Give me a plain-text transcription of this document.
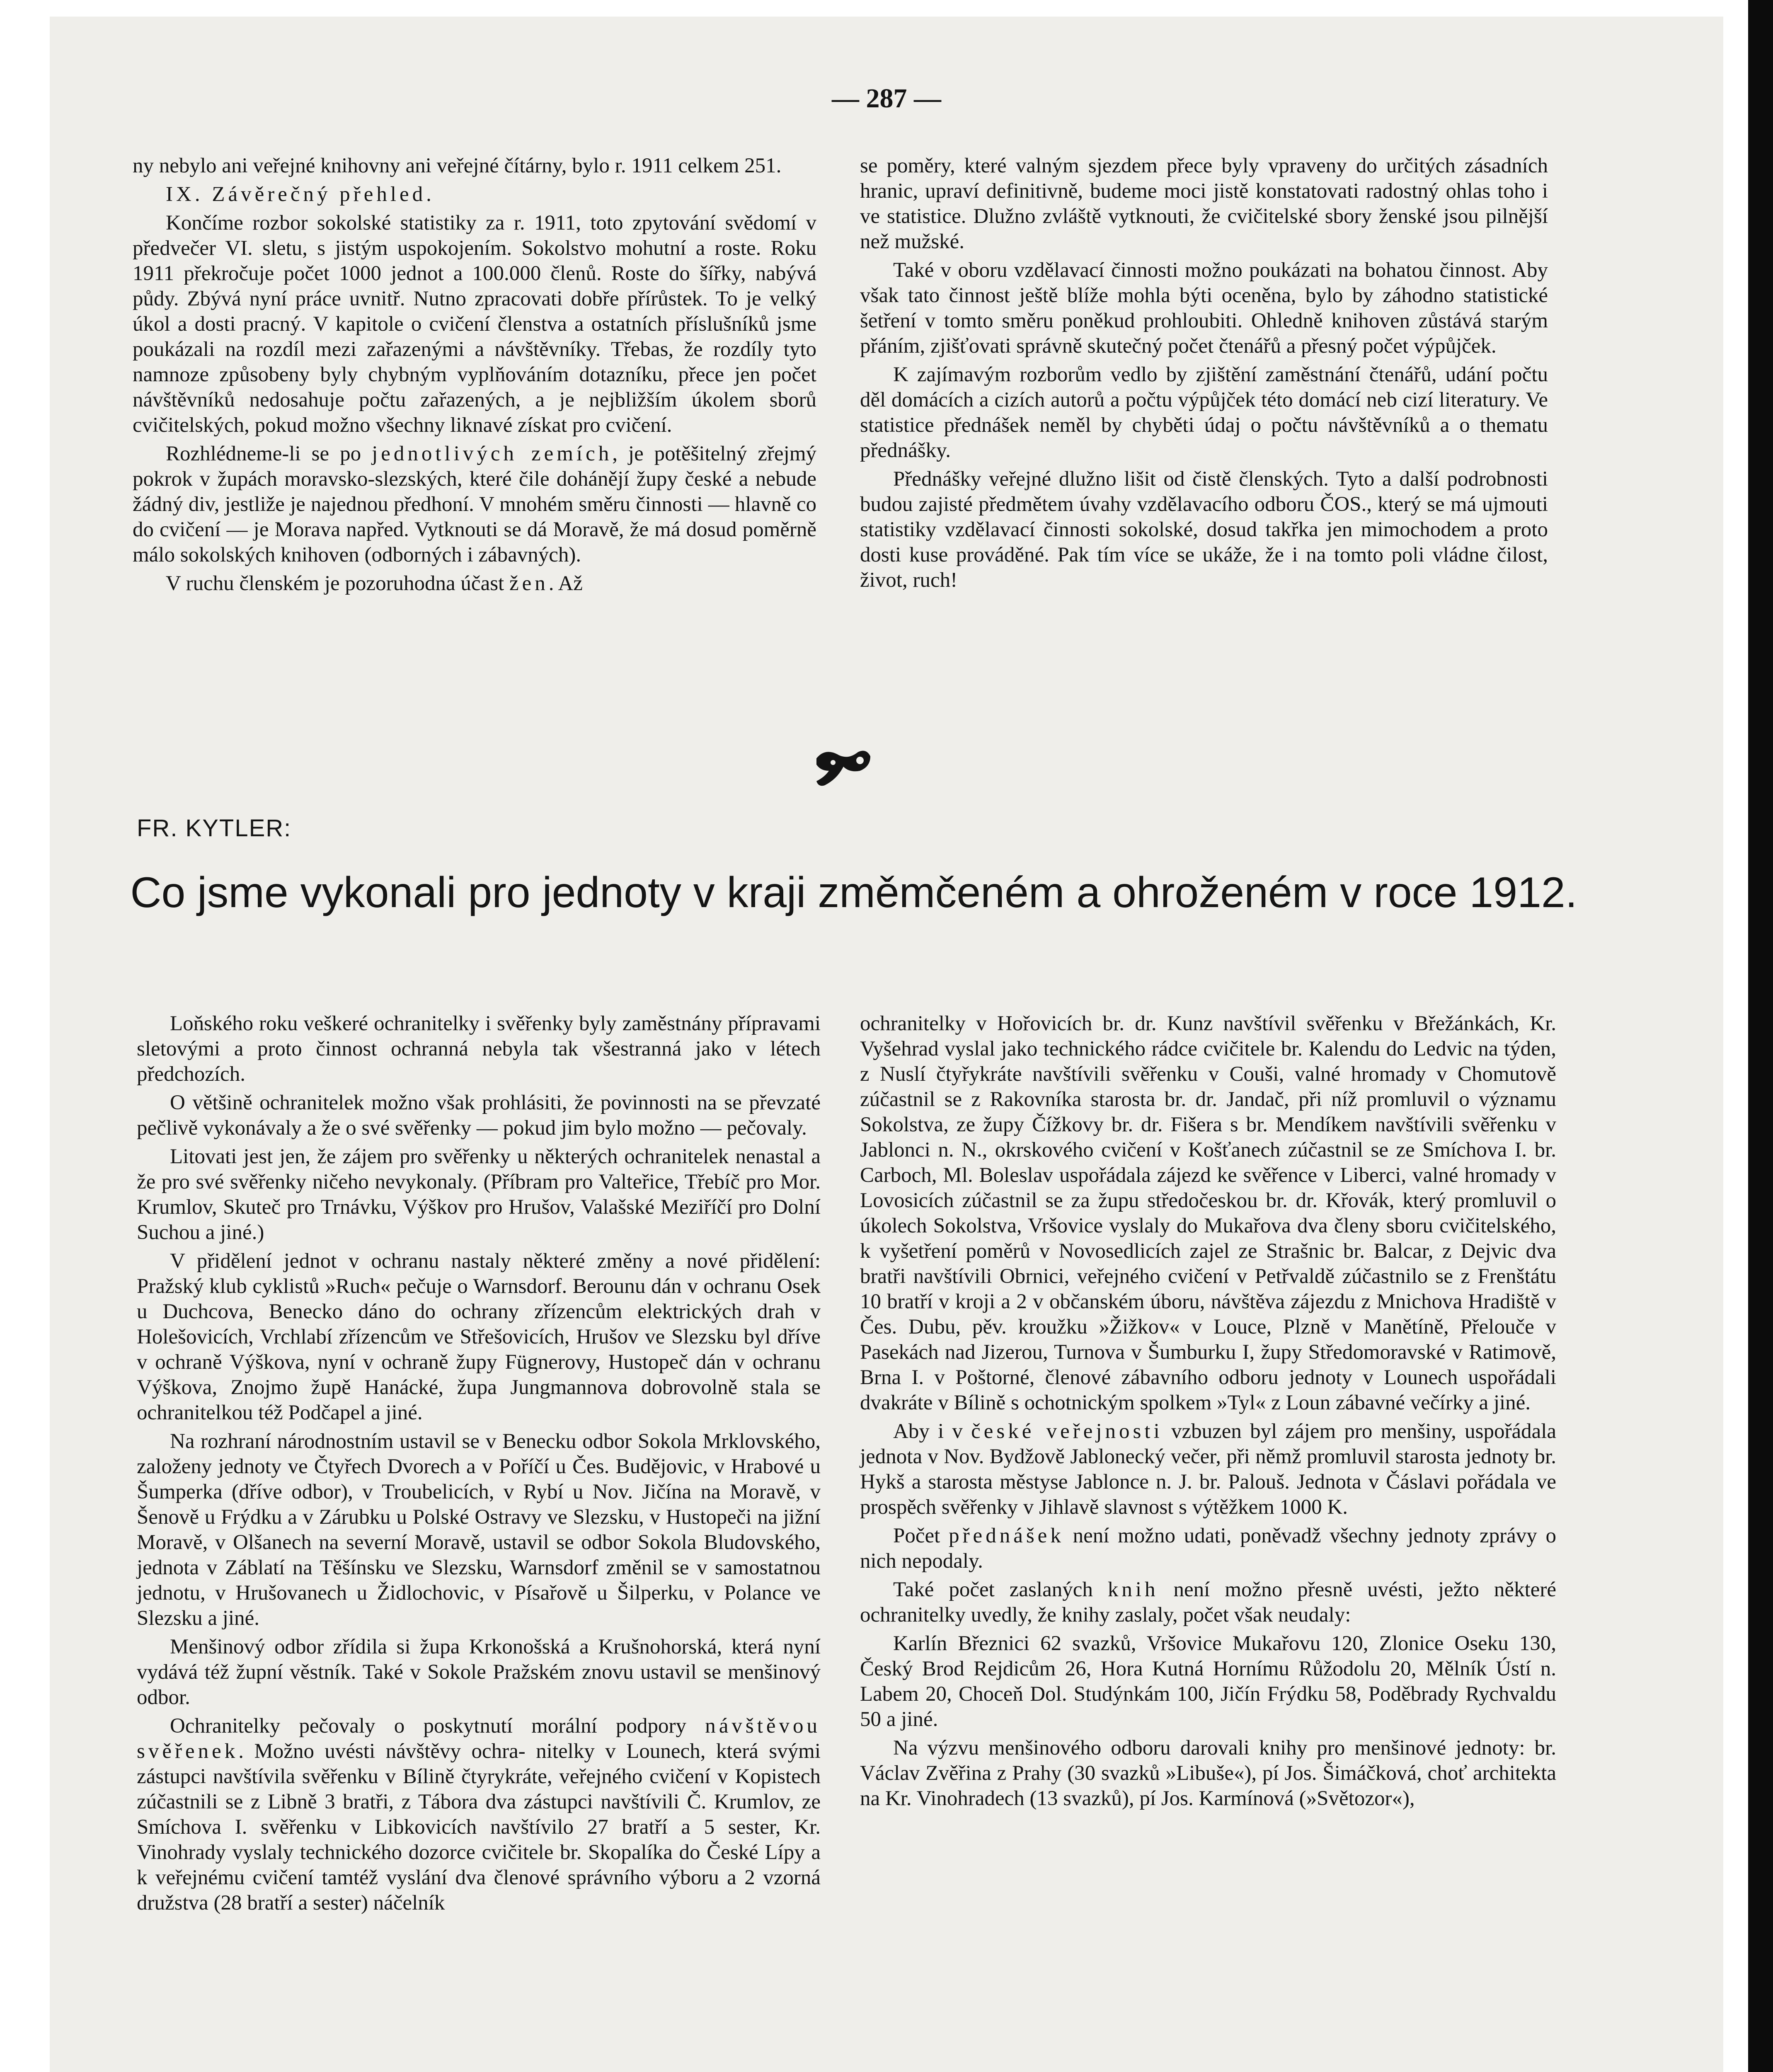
— 287 —

ny nebylo ani veřejné knihovny ani veřejné čítárny, bylo r. 1911 celkem 251.

IX. Závěrečný přehled.

Končíme rozbor sokolské statistiky za r. 1911, toto zpytování svědomí v předvečer VI. sletu, s jistým uspokojením. Sokolstvo mohutní a roste. Roku 1911 překročuje počet 1000 jednot a 100.000 členů. Roste do šířky, nabývá půdy. Zbývá nyní práce uvnitř. Nutno zpracovati dobře přírůstek. To je velký úkol a dosti pracný. V kapitole o cvičení členstva a ostatních příslušníků jsme poukázali na rozdíl mezi zařazenými a návštěvníky. Třebas, že rozdíly tyto namnoze způsobeny byly chybným vyplňováním dotazníku, přece jen počet návštěvníků nedosahuje počtu zařazených, a je nejbližším úkolem sborů cvičitelských, pokud možno všechny liknavé získat pro cvičení.

Rozhlédneme-li se po jednotlivých zemích, je potěšitelný zřejmý pokrok v župách moravsko-slezských, které čile dohánějí župy české a nebude žádný div, jestliže je najednou předhoní. V mnohém směru činnosti — hlavně co do cvičení — je Morava napřed. Vytknouti se dá Moravě, že má dosud poměrně málo sokolských knihoven (odborných i zábavných).

V ruchu členském je pozoruhodna účast žen. Až

se poměry, které valným sjezdem přece byly vpraveny do určitých zásadních hranic, upraví definitivně, budeme moci jistě konstatovati radostný ohlas toho i ve statistice. Dlužno zvláště vytknouti, že cvičitelské sbory ženské jsou pilnější než mužské.

Také v oboru vzdělavací činnosti možno poukázati na bohatou činnost. Aby však tato činnost ještě blíže mohla býti oceněna, bylo by záhodno statistické šetření v tomto směru poněkud prohloubiti. Ohledně knihoven zůstává starým přáním, zjišťovati správně skutečný počet čtenářů a přesný počet výpůjček.

K zajímavým rozborům vedlo by zjištění zaměstnání čtenářů, udání počtu děl domácích a cizích autorů a počtu výpůjček této domácí neb cizí literatury. Ve statistice přednášek neměl by chyběti údaj o počtu návštěvníků a o thematu přednášky.

Přednášky veřejné dlužno lišit od čistě členských. Tyto a další podrobnosti budou zajisté předmětem úvahy vzdělavacího odboru ČOS., který se má ujmouti statistiky vzdělavací činnosti sokolské, dosud takřka jen mimochodem a proto dosti kuse prováděné. Pak tím více se ukáže, že i na tomto poli vládne čilost, život, ruch!

FR. KYTLER:
Co jsme vykonali pro jednoty v kraji změmčeném a ohroženém v roce 1912.

Loňského roku veškeré ochranitelky i svěřenky byly zaměstnány přípravami sletovými a proto činnost ochranná nebyla tak všestranná jako v létech předchozích.

O většině ochranitelek možno však prohlásiti, že povinnosti na se převzaté pečlivě vykonávaly a že o své svěřenky — pokud jim bylo možno — pečovaly.

Litovati jest jen, že zájem pro svěřenky u některých ochranitelek nenastal a že pro své svěřenky ničeho nevykonaly. (Příbram pro Valteřice, Třebíč pro Mor. Krumlov, Skuteč pro Trnávku, Výškov pro Hrušov, Valašské Meziříčí pro Dolní Suchou a jiné.)

V přidělení jednot v ochranu nastaly některé změny a nové přidělení: Pražský klub cyklistů »Ruch« pečuje o Warnsdorf. Berounu dán v ochranu Osek u Duchcova, Benecko dáno do ochrany zřízencům elektrických drah v Holešovicích, Vrchlabí zřízencům ve Střešovicích, Hrušov ve Slezsku byl dříve v ochraně Výškova, nyní v ochraně župy Fügnerovy, Hustopeč dán v ochranu Výškova, Znojmo župě Hanácké, župa Jungmannova dobrovolně stala se ochranitelkou též Podčapel a jiné.

Na rozhraní národnostním ustavil se v Benecku odbor Sokola Mrklovského, založeny jednoty ve Čtyřech Dvorech a v Poříčí u Čes. Budějovic, v Hrabové u Šumperka (dříve odbor), v Troubelicích, v Rybí u Nov. Jičína na Moravě, v Šenově u Frýdku a v Zárubku u Polské Ostravy ve Slezsku, v Hustopeči na jižní Moravě, v Olšanech na severní Moravě, ustavil se odbor Sokola Bludovského, jednota v Záblatí na Těšínsku ve Slezsku, Warnsdorf změnil se v samostatnou jednotu, v Hrušovanech u Židlochovic, v Písařově u Šilperku, v Polance ve Slezsku a jiné.

Menšinový odbor zřídila si župa Krkonošská a Krušnohorská, která nyní vydává též župní věstník. Také v Sokole Pražském znovu ustavil se menšinový odbor.

Ochranitelky pečovaly o poskytnutí morální podpory návštěvou svěřenek. Možno uvésti návštěvy ochra- nitelky v Lounech, která svými zástupci navštívila svěřenku v Bílině čtyrykráte, veřejného cvičení v Kopistech zúčastnili se z Libně 3 bratři, z Tábora dva zástupci navštívili Č. Krumlov, ze Smíchova I. svěřenku v Libkovicích navštívilo 27 bratří a 5 sester, Kr. Vinohrady vyslaly technického dozorce cvičitele br. Skopalíka do České Lípy a k veřejnému cvičení tamtéž vyslání dva členové správního výboru a 2 vzorná družstva (28 bratří a sester) náčelník

ochranitelky v Hořovicích br. dr. Kunz navštívil svěřenku v Břežánkách, Kr. Vyšehrad vyslal jako technického rádce cvičitele br. Kalendu do Ledvic na týden, z Nuslí čtyřykráte navštívili svěřenku v Couši, valné hromady v Chomutově zúčastnil se z Rakovníka starosta br. dr. Jandač, při níž promluvil o významu Sokolstva, ze župy Čížkovy br. dr. Fišera s br. Mendíkem navštívili svěřenku v Jablonci n. N., okrskového cvičení v Košťanech zúčastnil se ze Smíchova I. br. Carboch, Ml. Boleslav uspořádala zájezd ke svěřence v Liberci, valné hromady v Lovosicích zúčastnil se za župu středočeskou br. dr. Křovák, který promluvil o úkolech Sokolstva, Vršovice vyslaly do Mukařova dva členy sboru cvičitelského, k vyšetření poměrů v Novosedlicích zajel ze Strašnic br. Balcar, z Dejvic dva bratři navštívili Obrnici, veřejného cvičení v Petřvaldě zúčastnilo se z Frenštátu 10 bratří v kroji a 2 v občanském úboru, návštěva zájezdu z Mnichova Hradiště v Čes. Dubu, pěv. kroužku »Žižkov« v Louce, Plzně v Manětíně, Přelouče v Pasekách nad Jizerou, Turnova v Šumburku I, župy Středomoravské v Ratimově, Brna I. v Poštorné, členové zábavního odboru jednoty v Lounech uspořádali dvakráte v Bílině s ochotnickým spolkem »Tyl« z Loun zábavné večírky a jiné.

Aby i v české veřejnosti vzbuzen byl zájem pro menšiny, uspořádala jednota v Nov. Bydžově Jablonecký večer, při němž promluvil starosta jednoty br. Hykš a starosta městyse Jablonce n. J. br. Palouš. Jednota v Čáslavi pořádala ve prospěch svěřenky v Jihlavě slavnost s výtěžkem 1000 K.

Počet přednášek není možno udati, poněvadž všechny jednoty zprávy o nich nepodaly.

Také počet zaslaných knih není možno přesně uvésti, ježto některé ochranitelky uvedly, že knihy zaslaly, počet však neudaly:

Karlín Březnici 62 svazků, Vršovice Mukařovu 120, Zlonice Oseku 130, Český Brod Rejdicům 26, Hora Kutná Hornímu Růžodolu 20, Mělník Ústí n. Labem 20, Choceň Dol. Studýnkám 100, Jičín Frýdku 58, Poděbrady Rychvaldu 50 a jiné.

Na výzvu menšinového odboru darovali knihy pro menšinové jednoty: br. Václav Zvěřina z Prahy (30 svazků »Libuše«), pí Jos. Šimáčková, choť architekta na Kr. Vinohradech (13 svazků), pí Jos. Karmínová (»Světozor«),
